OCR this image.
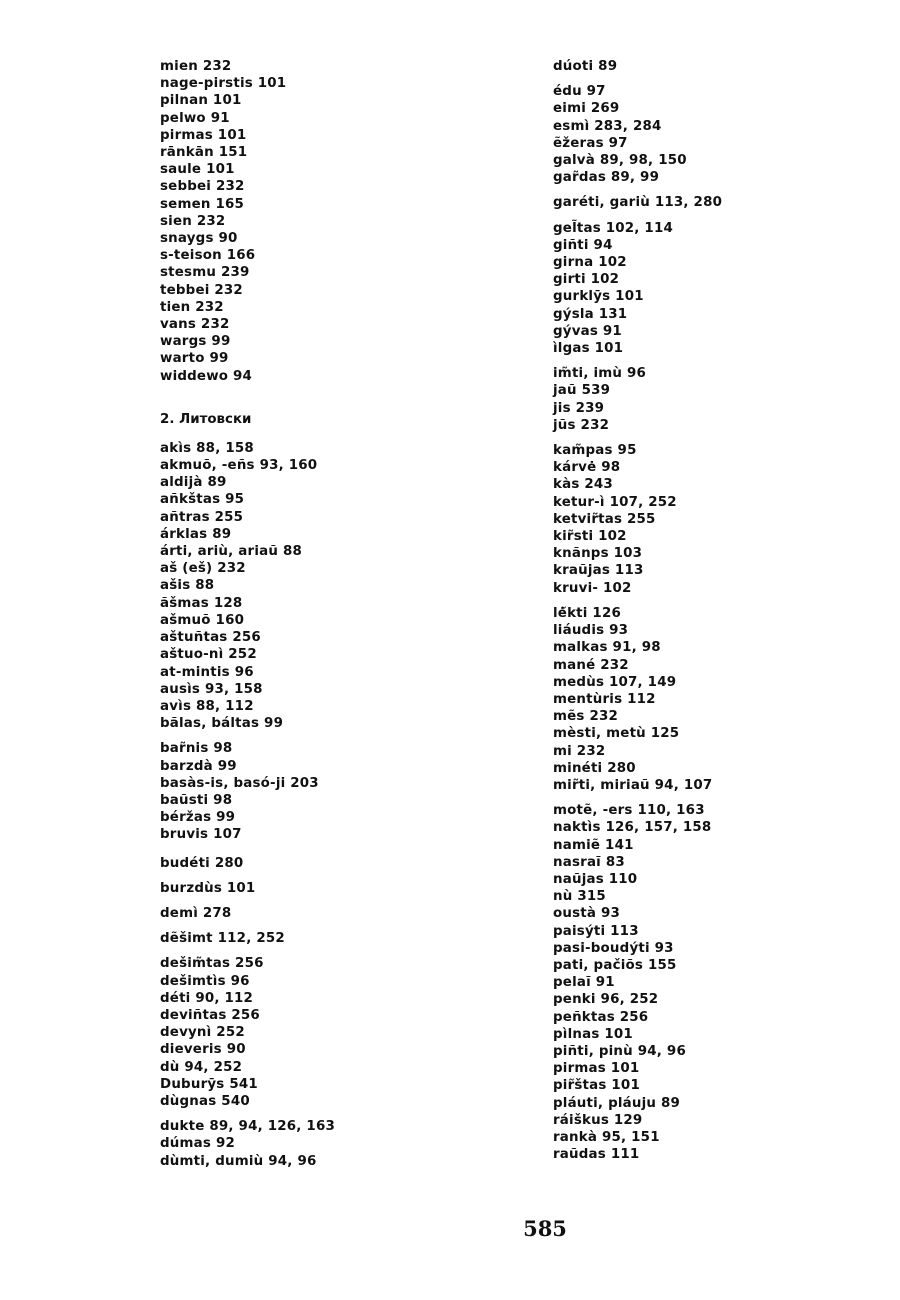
mien 232
nage-pirstis 101
pilnan 101
pelwo 91
pirmas 101
rānkān 151
saule 101
sebbei 232
semen 165
sien 232
snaygs 90
s-teison 166
stesmu 239
tebbei 232
tien 232
vans 232
wargs 99
warto 99
widdewo 94
2. Литовски
akìs 88, 158
akmuõ, -eñs 93, 160
aldijà 89
añkštas 95
añtras 255
árklas 89
árti, ariù, ariaũ 88
aš (eš) 232
ašis 88
ãšmas 128
ašmuõ 160
aštuñtas 256
aštuo-nì 252
at-mintis 96
ausìs 93, 158
avìs 88, 112
bãlas, báltas 99
bar̃nis 98
barzdà 99
basàs-is, basó-ji 203
baũsti 98
béržas 99
bruvis 107
budéti 280
burzdùs 101
demì 278
dẽšimt 112, 252
dešim̃tas 256
dešimtìs 96
déti 90, 112
deviñtas 256
devynì 252
dieveris 90
dù 94, 252
Duburȳs 541
dùgnas 540
dukte 89, 94, 126, 163
dúmas 92
dùmti, dumiù 94, 96
dúoti 89
édu 97
eimi 269
esmì 283, 284
ẽžeras 97
galvà 89, 98, 150
gar̃das 89, 99
garéti, gariù 113, 280
gel̃tas 102, 114
giñti 94
girna 102
girti 102
gurklȳs 101
gýsla 131
gývas 91
ìlgas 101
im̃ti, imù 96
jaũ 539
jis 239
jũs 232
kam̃pas 95
kárvė 98
kàs 243
ketur-ì 107, 252
ketvir̃tas 255
kir̃sti 102
knãnps 103
kraũjas 113
kruvi- 102
lė̃kti 126
liáudis 93
malkas 91, 98
mané 232
medùs 107, 149
mentùris 112
mẽs 232
mèsti, metù 125
mi 232
minéti 280
mir̃ti, miriaũ 94, 107
motẽ, -ers 110, 163
naktìs 126, 157, 158
namiẽ 141
nasraĩ 83
naũjas 110
nù 315
oustà 93
paisýti 113
pasi-boudýti 93
pati, pačiõs 155
pelaĩ 91
penki 96, 252
peñktas 256
pìlnas 101
piñti, pinù 94, 96
pirmas 101
pir̃štas 101
pláuti, pláuju 89
ráiškus 129
rankà 95, 151
raũdas 111
585
